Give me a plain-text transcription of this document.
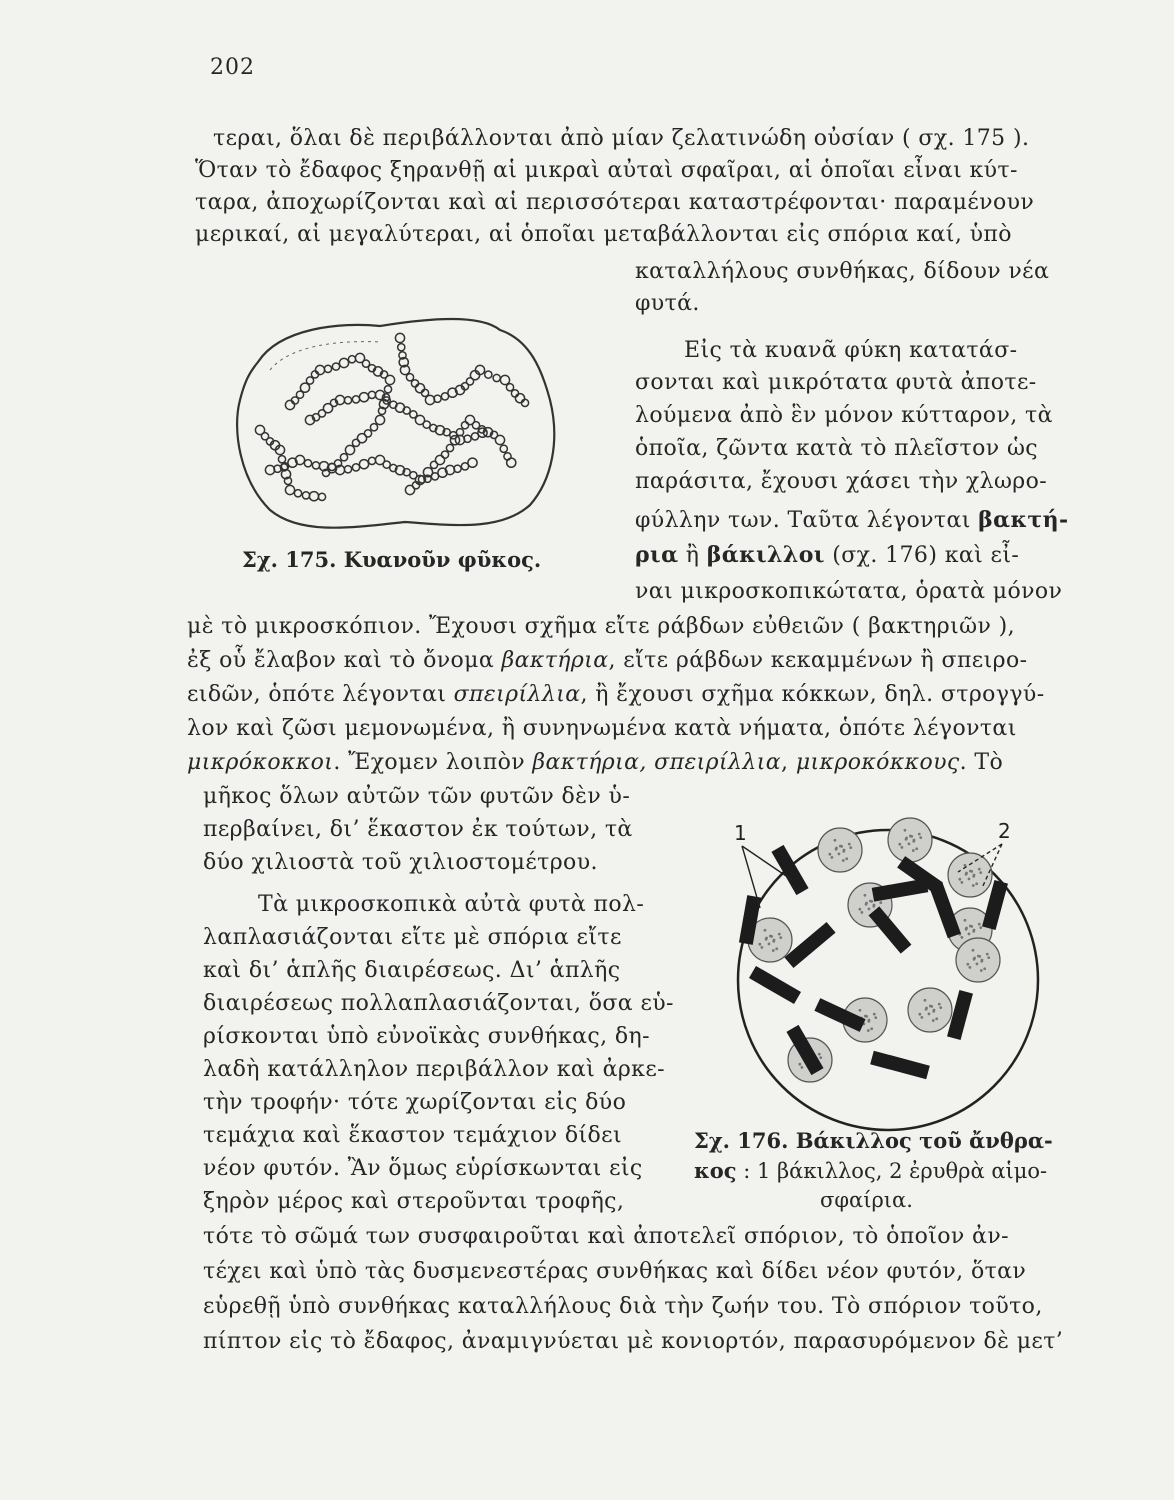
202
τεραι, ὅλαι δὲ περιβάλλονται ἀπὸ μίαν ζελατινώδη οὐσίαν ( σχ. 175 ).
Ὅταν τὸ ἔδαφος ξηρανθῇ αἱ μικραὶ αὐταὶ σφαῖραι, αἱ ὁποῖαι εἶναι κύτ-
ταρα, ἀποχωρίζονται καὶ αἱ περισσότεραι καταστρέφονται· παραμένουν
μερικαί, αἱ μεγαλύτεραι, αἱ ὁποῖαι μεταβάλλονται εἰς σπόρια καί, ὑπὸ
καταλλήλους συνθήκας, δίδουν νέα
φυτά.
Σχ. 175. Κυανοῦν φῦκος.
Εἰς τὰ κυανᾶ φύκη κατατάσ-
σονται καὶ μικρότατα φυτὰ ἀποτε-
λούμενα ἀπὸ ἓν μόνον κύτταρον, τὰ
ὁποῖα, ζῶντα κατὰ τὸ πλεῖστον ὡς
παράσιτα, ἔχουσι χάσει τὴν χλωρο-
φύλλην των. Ταῦτα λέγονται βακτή-
ρια ἢ βάκιλλοι (σχ. 176) καὶ εἶ-
ναι μικροσκοπικώτατα, ὁρατὰ μόνον
μὲ τὸ μικροσκόπιον. Ἔχουσι σχῆμα εἴτε ράβδων εὐθειῶν ( βακτηριῶν ),
ἐξ οὗ ἔλαβον καὶ τὸ ὄνομα βακτήρια, εἴτε ράβδων κεκαμμένων ἢ σπειρο-
ειδῶν, ὁπότε λέγονται σπειρίλλια, ἢ ἔχουσι σχῆμα κόκκων, δηλ. στρογγύ-
λον καὶ ζῶσι μεμονωμένα, ἢ συνηνωμένα κατὰ νήματα, ὁπότε λέγονται
μικρόκοκκοι. Ἔχομεν λοιπὸν βακτήρια, σπειρίλλια, μικροκόκκους. Τὸ
μῆκος ὅλων αὐτῶν τῶν φυτῶν δὲν ὑ-
περβαίνει, δι’ ἕκαστον ἐκ τούτων, τὰ
δύο χιλιοστὰ τοῦ χιλιοστομέτρου.
Τὰ μικροσκοπικὰ αὐτὰ φυτὰ πολ-
λαπλασιάζονται εἴτε μὲ σπόρια εἴτε
καὶ δι’ ἁπλῆς διαιρέσεως. Δι’ ἁπλῆς
διαιρέσεως πολλαπλασιάζονται, ὅσα εὑ-
ρίσκονται ὑπὸ εὐνοϊκὰς συνθήκας, δη-
λαδὴ κατάλληλον περιβάλλον καὶ ἀρκε-
τὴν τροφήν· τότε χωρίζονται εἰς δύο
τεμάχια καὶ ἕκαστον τεμάχιον δίδει
νέον φυτόν. Ἂν ὅμως εὑρίσκωνται εἰς
ξηρὸν μέρος καὶ στεροῦνται τροφῆς,
1	2
Σχ. 176. Βάκιλλος τοῦ ἄνθρα-
κος : 1 βάκιλλος, 2 ἐρυθρὰ αἱμο-
σφαίρια.
τότε τὸ σῶμά των συσφαιροῦται καὶ ἀποτελεῖ σπόριον, τὸ ὁποῖον ἀν-
τέχει καὶ ὑπὸ τὰς δυσμενεστέρας συνθήκας καὶ δίδει νέον φυτόν, ὅταν
εὑρεθῇ ὑπὸ συνθήκας καταλλήλους διὰ τὴν ζωήν του. Τὸ σπόριον τοῦτο,
πίπτον εἰς τὸ ἔδαφος, ἀναμιγνύεται μὲ κονιορτόν, παρασυρόμενον δὲ μετ’
